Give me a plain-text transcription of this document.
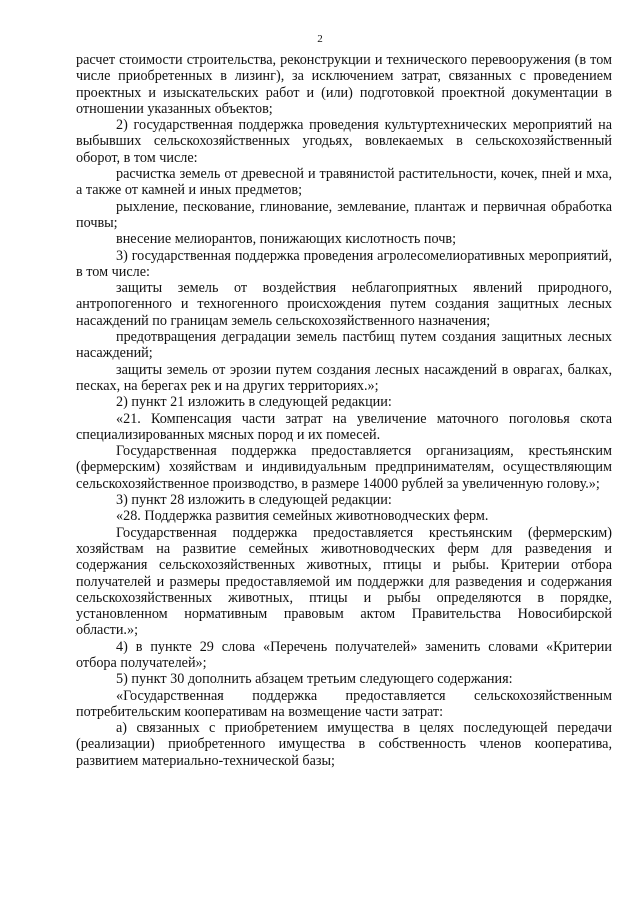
2

расчет стоимости строительства, реконструкции и технического перевооружения (в том числе приобретенных в лизинг), за исключением затрат, связанных с проведением проектных и изыскательских работ и (или) подготовкой проектной документации в отношении указанных объектов;

2) государственная поддержка проведения культуртехнических мероприятий на выбывших сельскохозяйственных угодьях, вовлекаемых в сельскохозяйственный оборот, в том числе:

расчистка земель от древесной и травянистой растительности, кочек, пней и мха, а также от камней и иных предметов;

рыхление, пескование, глинование, землевание, плантаж и первичная обработка почвы;

внесение мелиорантов, понижающих кислотность почв;

3) государственная поддержка проведения агролесомелиоративных мероприятий, в том числе:

защиты земель от воздействия неблагоприятных явлений природного, антропогенного и техногенного происхождения путем создания защитных лесных насаждений по границам земель сельскохозяйственного назначения;

предотвращения деградации земель пастбищ путем создания защитных лесных насаждений;

защиты земель от эрозии путем создания лесных насаждений в оврагах, балках, песках, на берегах рек и на других территориях.»;

2) пункт 21 изложить в следующей редакции:

«21. Компенсация части затрат на увеличение маточного поголовья скота специализированных мясных пород и их помесей.

Государственная поддержка предоставляется организациям, крестьянским (фермерским) хозяйствам и индивидуальным предпринимателям, осуществляющим сельскохозяйственное производство, в размере 14000 рублей за увеличенную голову.»;

3) пункт 28 изложить в следующей редакции:

«28. Поддержка развития семейных животноводческих ферм.

Государственная поддержка предоставляется крестьянским (фермерским) хозяйствам на развитие семейных животноводческих ферм для разведения и содержания сельскохозяйственных животных, птицы и рыбы. Критерии отбора получателей и размеры предоставляемой им поддержки для разведения и содержания сельскохозяйственных животных, птицы и рыбы определяются в порядке, установленном нормативным правовым актом Правительства Новосибирской области.»;

4) в пункте 29 слова «Перечень получателей» заменить словами «Критерии отбора получателей»;

5) пункт 30 дополнить абзацем третьим следующего содержания:

«Государственная поддержка предоставляется сельскохозяйственным потребительским кооперативам на возмещение части затрат:

а) связанных с приобретением имущества в целях последующей передачи (реализации) приобретенного имущества в собственность членов кооператива, развитием материально-технической базы;
